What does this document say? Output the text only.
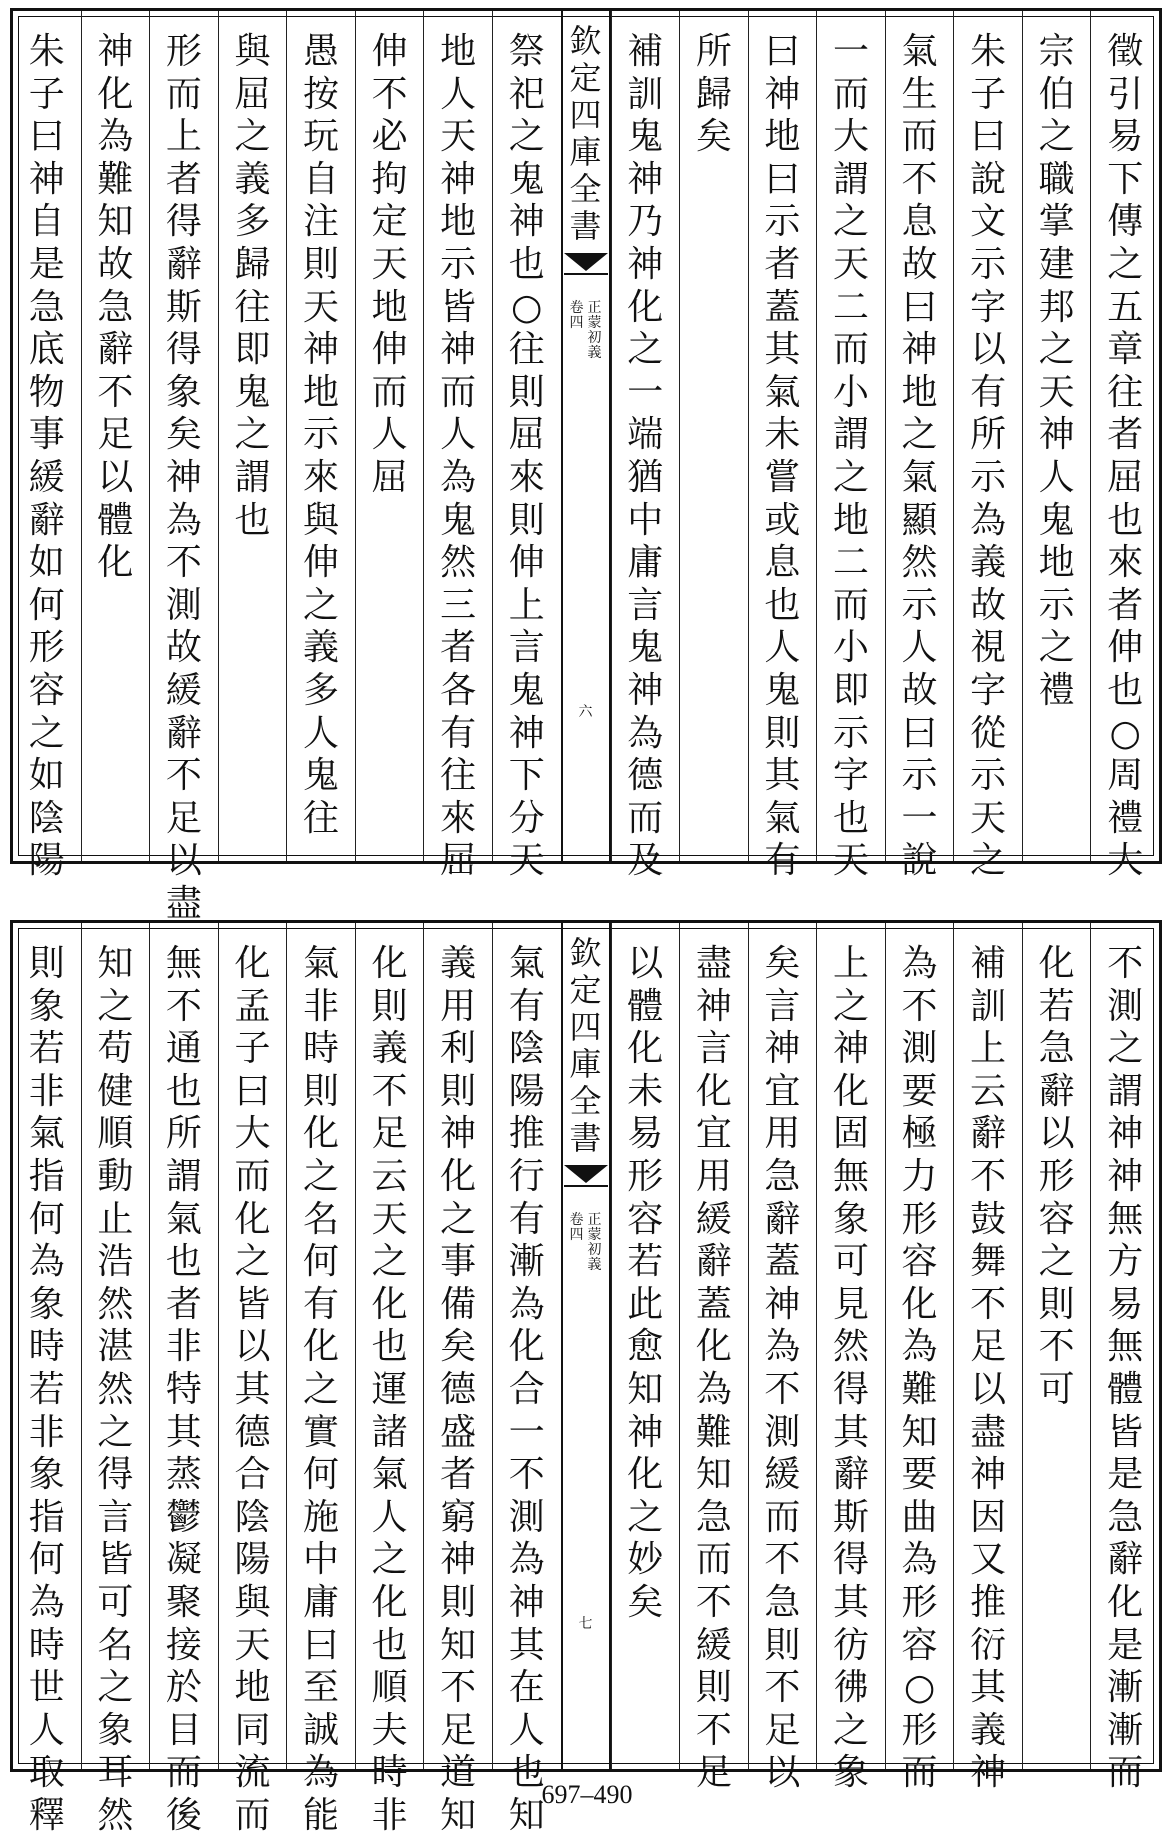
徵引易下傳之五章往者屈也來者伸也○周禮大
宗伯之職掌建邦之天神人鬼地示之禮
朱子曰說文示字以有所示為義故視字從示天之
氣生而不息故曰神地之氣顯然示人故曰示一說
一而大謂之天二而小謂之地二而小即示字也天
曰神地曰示者蓋其氣未嘗或息也人鬼則其氣有
所歸矣
補訓鬼神乃神化之一端猶中庸言鬼神為德而及
欽定四庫全書
正蒙初義
卷四
六
祭祀之鬼神也○往則屈來則伸上言鬼神下分天
地人天神地示皆神而人為鬼然三者各有往來屈
伸不必拘定天地伸而人屈
愚按玩自注則天神地示來與伸之義多人鬼往
與屈之義多歸往即鬼之謂也
形而上者得辭斯得象矣神為不測故緩辭不足以盡
神化為難知故急辭不足以體化
朱子曰神自是急底物事緩辭如何形容之如陰陽
不測之謂神神無方易無體皆是急辭化是漸漸而
化若急辭以形容之則不可
補訓上云辭不鼓舞不足以盡神因又推衍其義神
為不測要極力形容化為難知要曲為形容○形而
上之神化固無象可見然得其辭斯得其彷彿之象
矣言神宜用急辭蓋神為不測緩而不急則不足以
盡神言化宜用緩辭蓋化為難知急而不緩則不足
以體化未易形容若此愈知神化之妙矣
欽定四庫全書
正蒙初義
卷四
七
氣有陰陽推行有漸為化合一不測為神其在人也知
義用利則神化之事備矣德盛者窮神則知不足道知
化則義不足云天之化也運諸氣人之化也順夫時非
氣非時則化之名何有化之實何施中庸曰至誠為能
化孟子曰大而化之皆以其德合陰陽與天地同流而
無不通也所謂氣也者非特其蒸鬱凝聚接於目而後
知之苟健順動止浩然湛然之得言皆可名之象耳然
則象若非氣指何為象時若非象指何為時世人取釋
697–490
